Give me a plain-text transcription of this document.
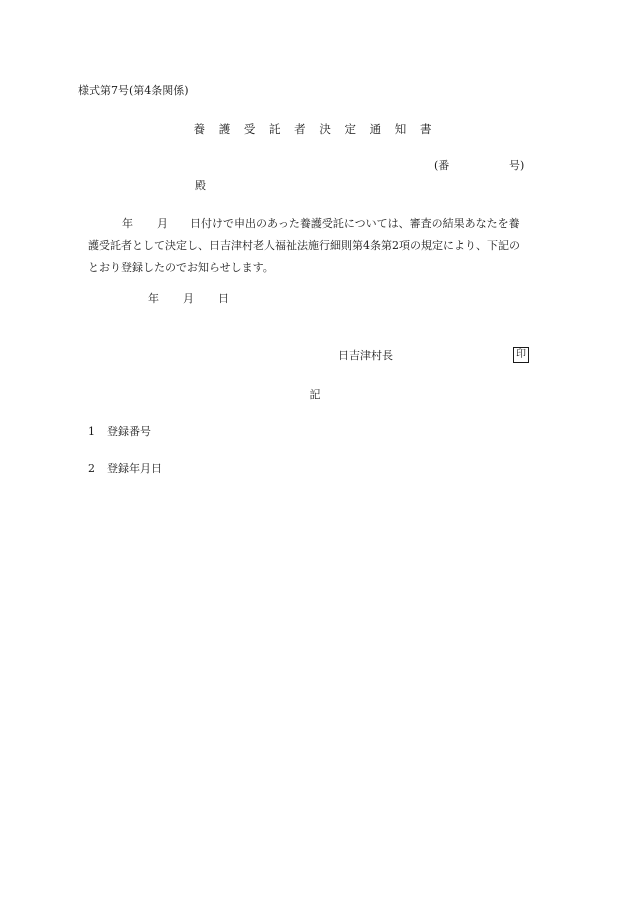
様式第7号(第4条関係)
養 護 受 託 者 決 定 通 知 書
(番	号)
殿
年 月 日付けで申出のあった養護受託については、審査の結果あなたを養
護受託者として決定し、日吉津村老人福祉法施行細則第4条第2項の規定により、下記の
とおり登録したのでお知らせします。
年 月 日
日吉津村長	印
記
1 登録番号
2 登録年月日
